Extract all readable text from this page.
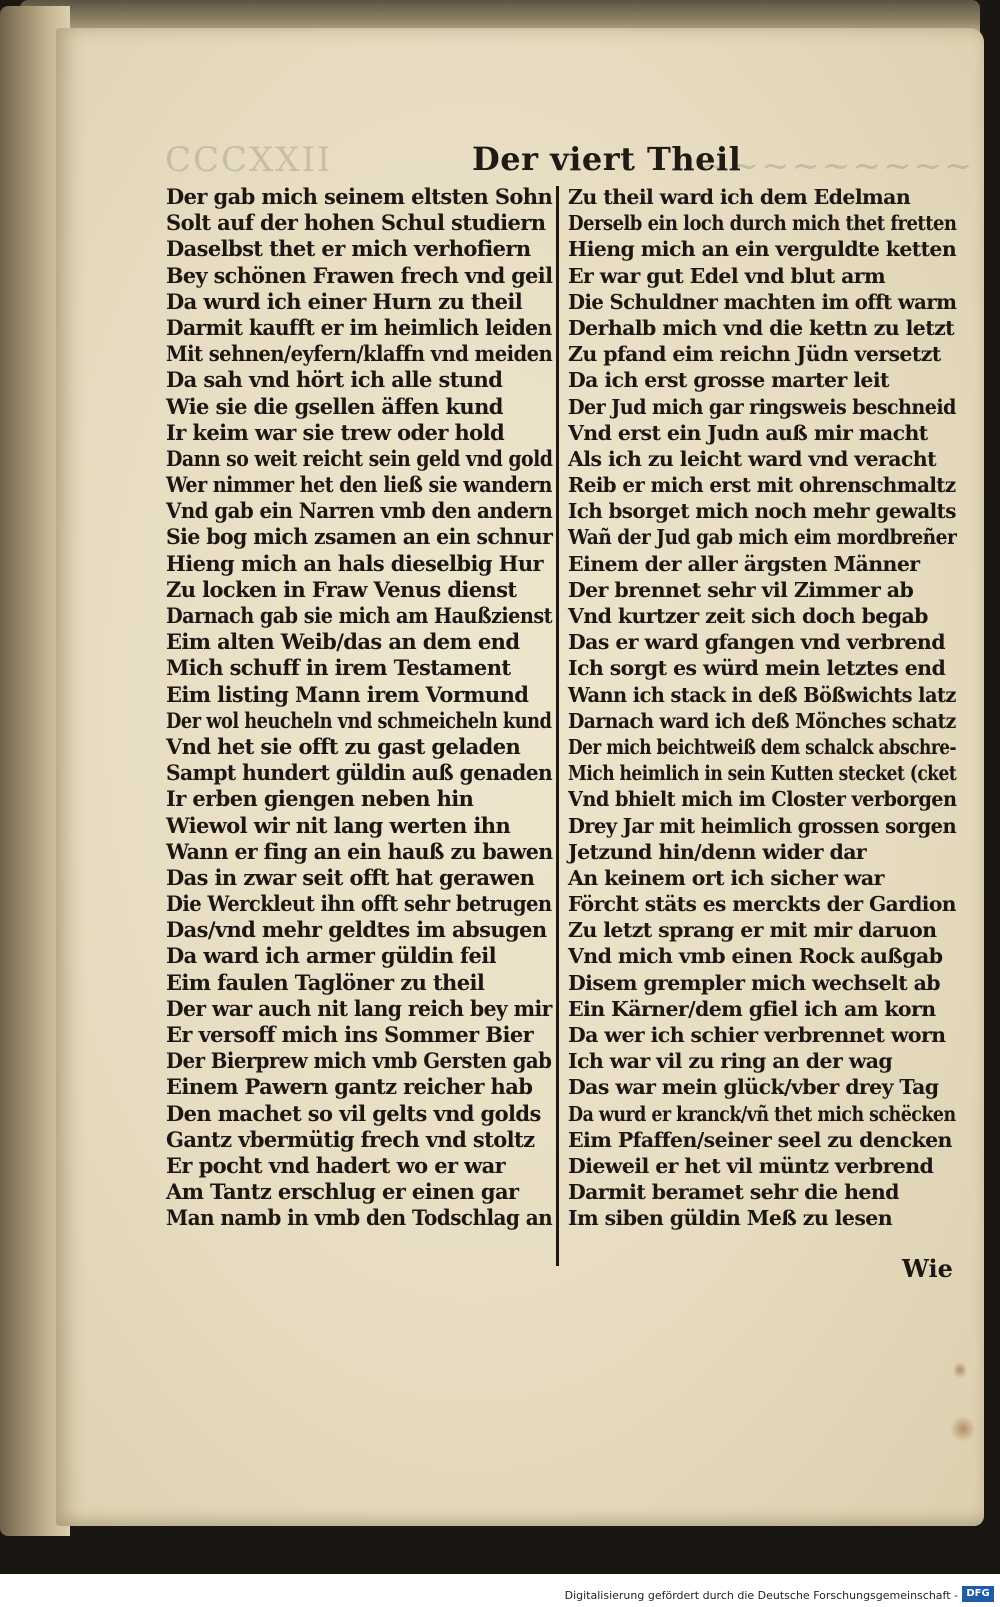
CCCXXII	~~~~~~~~~
Der viert Theil
Der gab mich seinem eltsten Sohn
Solt auf der hohen Schul studiern
Daselbst thet er mich verhofiern
Bey schönen Frawen frech vnd geil
Da wurd ich einer Hurn zu theil
Darmit kaufft er im heimlich leiden
Mit sehnen/eyfern/klaffn vnd meiden
Da sah vnd hört ich alle stund
Wie sie die gsellen äffen kund
Ir keim war sie trew oder hold
Dann so weit reicht sein geld vnd gold
Wer nimmer het den ließ sie wandern
Vnd gab ein Narren vmb den andern
Sie bog mich zsamen an ein schnur
Hieng mich an hals dieselbig Hur
Zu locken in Fraw Venus dienst
Darnach gab sie mich am Haußzienst
Eim alten Weib/das an dem end
Mich schuff in irem Testament
Eim listing Mann irem Vormund
Der wol heucheln vnd schmeicheln kund
Vnd het sie offt zu gast geladen
Sampt hundert güldin auß genaden
Ir erben giengen neben hin
Wiewol wir nit lang werten ihn
Wann er fing an ein hauß zu bawen
Das in zwar seit offt hat gerawen
Die Werckleut ihn offt sehr betrugen
Das/vnd mehr geldtes im absugen
Da ward ich armer güldin feil
Eim faulen Taglöner zu theil
Der war auch nit lang reich bey mir
Er versoff mich ins Sommer Bier
Der Bierprew mich vmb Gersten gab
Einem Pawern gantz reicher hab
Den machet so vil gelts vnd golds
Gantz vbermütig frech vnd stoltz
Er pocht vnd hadert wo er war
Am Tantz erschlug er einen gar
Man namb in vmb den Todschlag an
Zu theil ward ich dem Edelman
Derselb ein loch durch mich thet fretten
Hieng mich an ein verguldte ketten
Er war gut Edel vnd blut arm
Die Schuldner machten im offt warm
Derhalb mich vnd die kettn zu letzt
Zu pfand eim reichn Jüdn versetzt
Da ich erst grosse marter leit
Der Jud mich gar ringsweis beschneid
Vnd erst ein Judn auß mir macht
Als ich zu leicht ward vnd veracht
Reib er mich erst mit ohrenschmaltz
Ich bsorget mich noch mehr gewalts
Wañ der Jud gab mich eim mordbreñer
Einem der aller ärgsten Männer
Der brennet sehr vil Zimmer ab
Vnd kurtzer zeit sich doch begab
Das er ward gfangen vnd verbrend
Ich sorgt es würd mein letztes end
Wann ich stack in deß Bößwichts latz
Darnach ward ich deß Mönches schatz
Der mich beichtweiß dem schalck abschre-
Mich heimlich in sein Kutten stecket (cket
Vnd bhielt mich im Closter verborgen
Drey Jar mit heimlich grossen sorgen
Jetzund hin/denn wider dar
An keinem ort ich sicher war
Förcht stäts es merckts der Gardion
Zu letzt sprang er mit mir daruon
Vnd mich vmb einen Rock außgab
Disem grempler mich wechselt ab
Ein Kärner/dem gfiel ich am korn
Da wer ich schier verbrennet worn
Ich war vil zu ring an der wag
Das war mein glück/vber drey Tag
Da wurd er kranck/vñ thet mich schëcken
Eim Pfaffen/seiner seel zu dencken
Dieweil er het vil müntz verbrend
Darmit beramet sehr die hend
Im siben güldin Meß zu lesen
Wie
Digitalisierung gefördert durch die Deutsche Forschungsgemeinschaft - DFG
